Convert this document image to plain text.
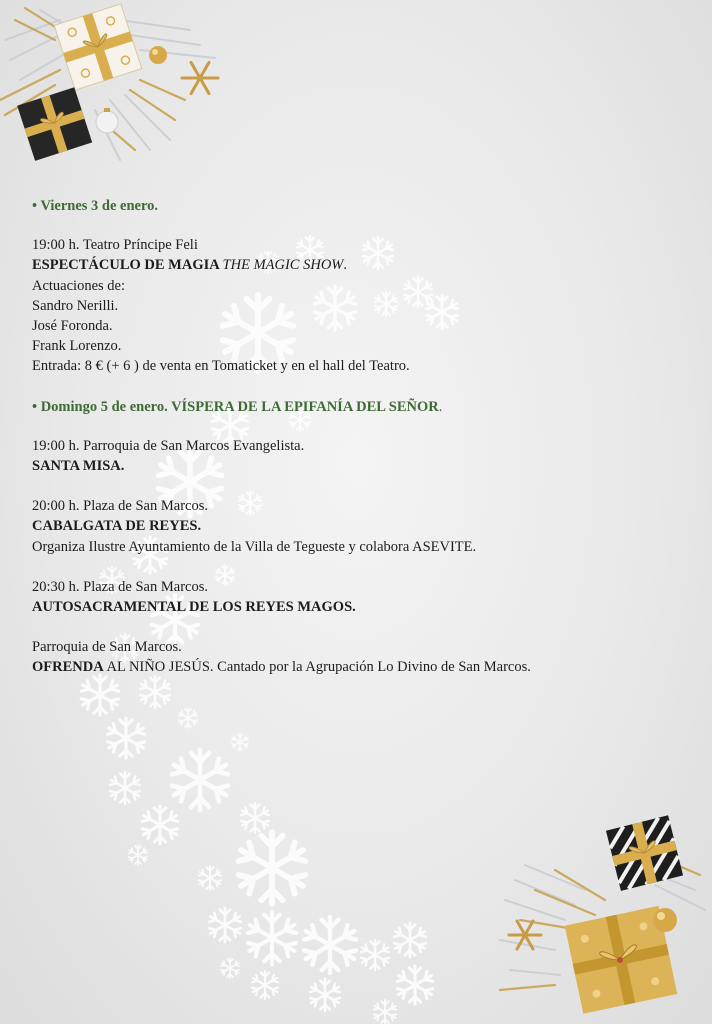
• Viernes 3 de enero.

19:00 h. Teatro Príncipe Feli

ESPECTÁCULO DE MAGIA THE MAGIC SHOW.

Actuaciones de:

Sandro Nerilli.

José Foronda.

Frank Lorenzo.

Entrada: 8 € (+ 6 ) de venta en Tomaticket y en el hall del Teatro.

• Domingo 5 de enero. VÍSPERA DE LA EPIFANÍA DEL SEÑOR.

19:00 h. Parroquia de San Marcos Evangelista.

SANTA MISA.

20:00 h. Plaza de San Marcos.

CABALGATA DE REYES.

Organiza Ilustre Ayuntamiento de la Villa de Tegueste y colabora ASEVITE.

20:30 h. Plaza de San Marcos.

AUTOSACRAMENTAL DE LOS REYES MAGOS.

Parroquia de San Marcos.

OFRENDA AL NIÑO JESÚS. Cantado por la Agrupación Lo Divino de San Marcos.
